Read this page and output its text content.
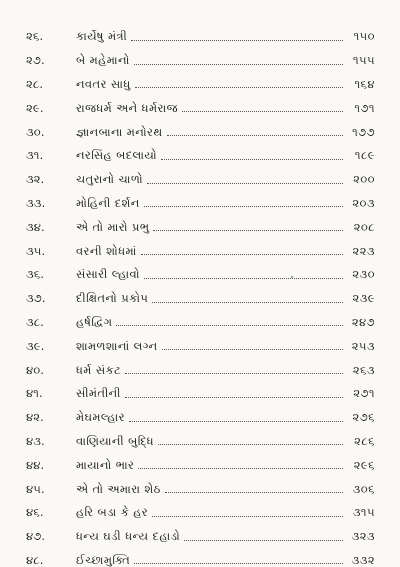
૨૬.	કાર્યેષુ મંત્રી	૧૫૦
૨૭.	બે મહેમાનો	૧૫૫
૨૮.	નવતર સાધુ	૧૬૪
૨૯.	રાજધર્મ અને ધર્મરાજ	૧૭૧
૩૦.	જ્ઞાનબાના મનોરથ	૧૭૭
૩૧.	નરસિંહ બદલાયો	૧૮૯
૩૨.	ચતુરાનો ચાળો	૨૦૦
૩૩.	મોહિની દર્શન	૨૦૩
૩૪.	એ તો મારો પ્રભુ	૨૦૮
૩૫.	વરની શોધમાં	૨૨૩
૩૬.	સંસારી લ્હાવો	૨૩૦
૩૭.	દીક્ષિતનો પ્રકોપ	૨૩૯
૩૮.	હર્ષદ્વિગ	૨૪૭
૩૯.	શામળશાનાં લગ્ન	૨૫૩
૪૦.	ધર્મ સંકટ	૨૬૩
૪૧.	સીમંતીની	૨૭૧
૪૨.	મેઘમલ્હાર	૨૭૬
૪૩.	વાણિયાની બુદ્ધિ	૨૮૬
૪૪.	માયાનો ભાર	૨૯૬
૪૫.	એ તો અમારા શેઠ	૩૦૬
૪૬.	હરિ બડા કે હર	૩૧૫
૪૭.	ધન્ય ઘડી ધન્ય દહાડો	૩૨૩
૪૮.	ઈચ્છામુક્તિ	૩૩૨
